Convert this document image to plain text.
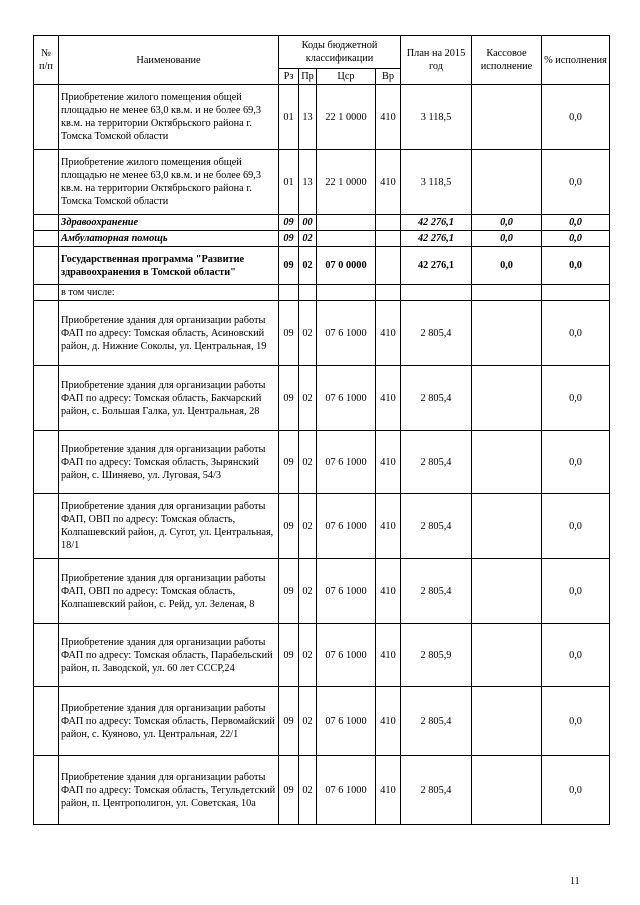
№ п/п	Наименование	Коды бюджетной классификации				План на 2015 год	Кассовое исполнение	% исполнения
		Рз	Пр	Цср	Вр			
	Приобретение жилого помещения общей площадью не менее 63,0 кв.м. и не более 69,3 кв.м. на территории Октябрьского района г. Томска Томской области	01	13	22 1 0000	410	3 118,5		0,0
	Приобретение жилого помещения общей площадью не менее 63,0 кв.м. и не более 69,3 кв.м. на территории Октябрьского района г. Томска Томской области	01	13	22 1 0000	410	3 118,5		0,0
	Здравоохранение	09	00			42 276,1	0,0	0,0
	Амбулаторная помощь	09	02			42 276,1	0,0	0,0
	Государственная программа "Развитие здравоохранения в Томской области"	09	02	07 0 0000		42 276,1	0,0	0,0
	в том числе:							
	Приобретение здания для организации работы ФАП по адресу: Томская область, Асиновский район, д. Нижние Соколы, ул. Центральная, 19	09	02	07 6 1000	410	2 805,4		0,0
	Приобретение здания для организации работы ФАП по адресу: Томская область, Бакчарский район, с. Большая Галка, ул. Центральная, 28	09	02	07 6 1000	410	2 805,4		0,0
	Приобретение здания для организации работы ФАП по адресу: Томская область, Зырянский район, с. Шиняево, ул. Луговая, 54/3	09	02	07 6 1000	410	2 805,4		0,0
	Приобретение здания для организации работы ФАП, ОВП по адресу: Томская область, Колпашевский район, д. Сугот, ул. Центральная, 18/1	09	02	07 6 1000	410	2 805,4		0,0
	Приобретение здания для организации работы ФАП, ОВП по адресу: Томская область, Колпашевский район, с. Рейд, ул. Зеленая, 8	09	02	07 6 1000	410	2 805,4		0,0
	Приобретение здания для организации работы ФАП по адресу: Томская область, Парабельский район, п. Заводской, ул. 60 лет СССР,24	09	02	07 6 1000	410	2 805,9		0,0
	Приобретение здания для организации работы ФАП по адресу: Томская область, Первомайский район, с. Куяново, ул. Центральная, 22/1	09	02	07 6 1000	410	2 805,4		0,0
	Приобретение здания для организации работы ФАП по адресу: Томская область, Тегульдетский район, п. Центрополигон, ул. Советская, 10а	09	02	07 6 1000	410	2 805,4		0,0
11
